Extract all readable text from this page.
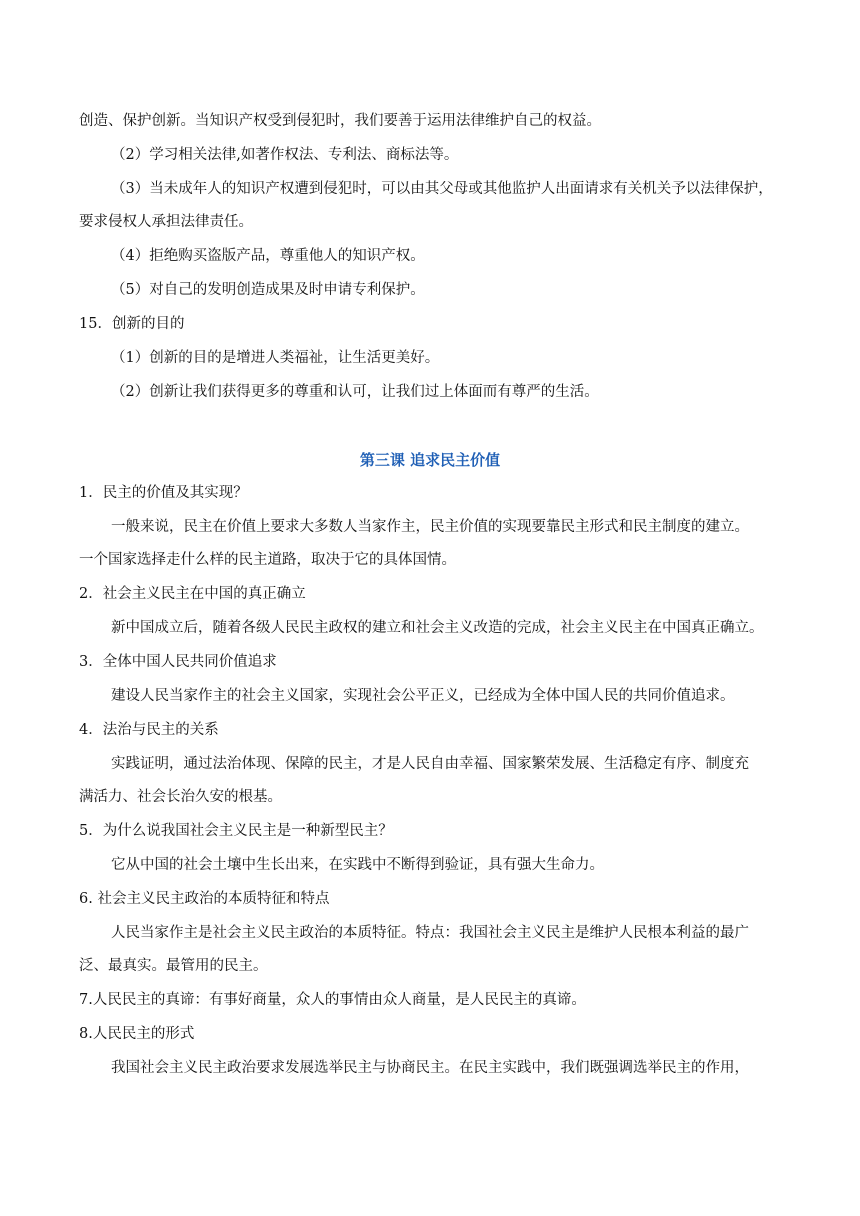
创造、保护创新。当知识产权受到侵犯时，我们要善于运用法律维护自己的权益。
（2）学习相关法律,如著作权法、专利法、商标法等。
（3）当未成年人的知识产权遭到侵犯时，可以由其父母或其他监护人出面请求有关机关予以法律保护，
要求侵权人承担法律责任。
（4）拒绝购买盗版产品，尊重他人的知识产权。
（5）对自己的发明创造成果及时申请专利保护。
15．创新的目的
（1）创新的目的是增进人类福祉，让生活更美好。
（2）创新让我们获得更多的尊重和认可，让我们过上体面而有尊严的生活。
第三课 追求民主价值
1．民主的价值及其实现？
一般来说，民主在价值上要求大多数人当家作主，民主价值的实现要靠民主形式和民主制度的建立。
一个国家选择走什么样的民主道路，取决于它的具体国情。
2．社会主义民主在中国的真正确立
新中国成立后，随着各级人民民主政权的建立和社会主义改造的完成，社会主义民主在中国真正确立。
3．全体中国人民共同价值追求
建设人民当家作主的社会主义国家，实现社会公平正义，已经成为全体中国人民的共同价值追求。
4．法治与民主的关系
实践证明，通过法治体现、保障的民主，才是人民自由幸福、国家繁荣发展、生活稳定有序、制度充
满活力、社会长治久安的根基。
5．为什么说我国社会主义民主是一种新型民主？
它从中国的社会土壤中生长出来，在实践中不断得到验证，具有强大生命力。
6. 社会主义民主政治的本质特征和特点
人民当家作主是社会主义民主政治的本质特征。特点：我国社会主义民主是维护人民根本利益的最广
泛、最真实。最管用的民主。
7.人民民主的真谛：有事好商量，众人的事情由众人商量，是人民民主的真谛。
8.人民民主的形式
我国社会主义民主政治要求发展选举民主与协商民主。在民主实践中，我们既强调选举民主的作用，
